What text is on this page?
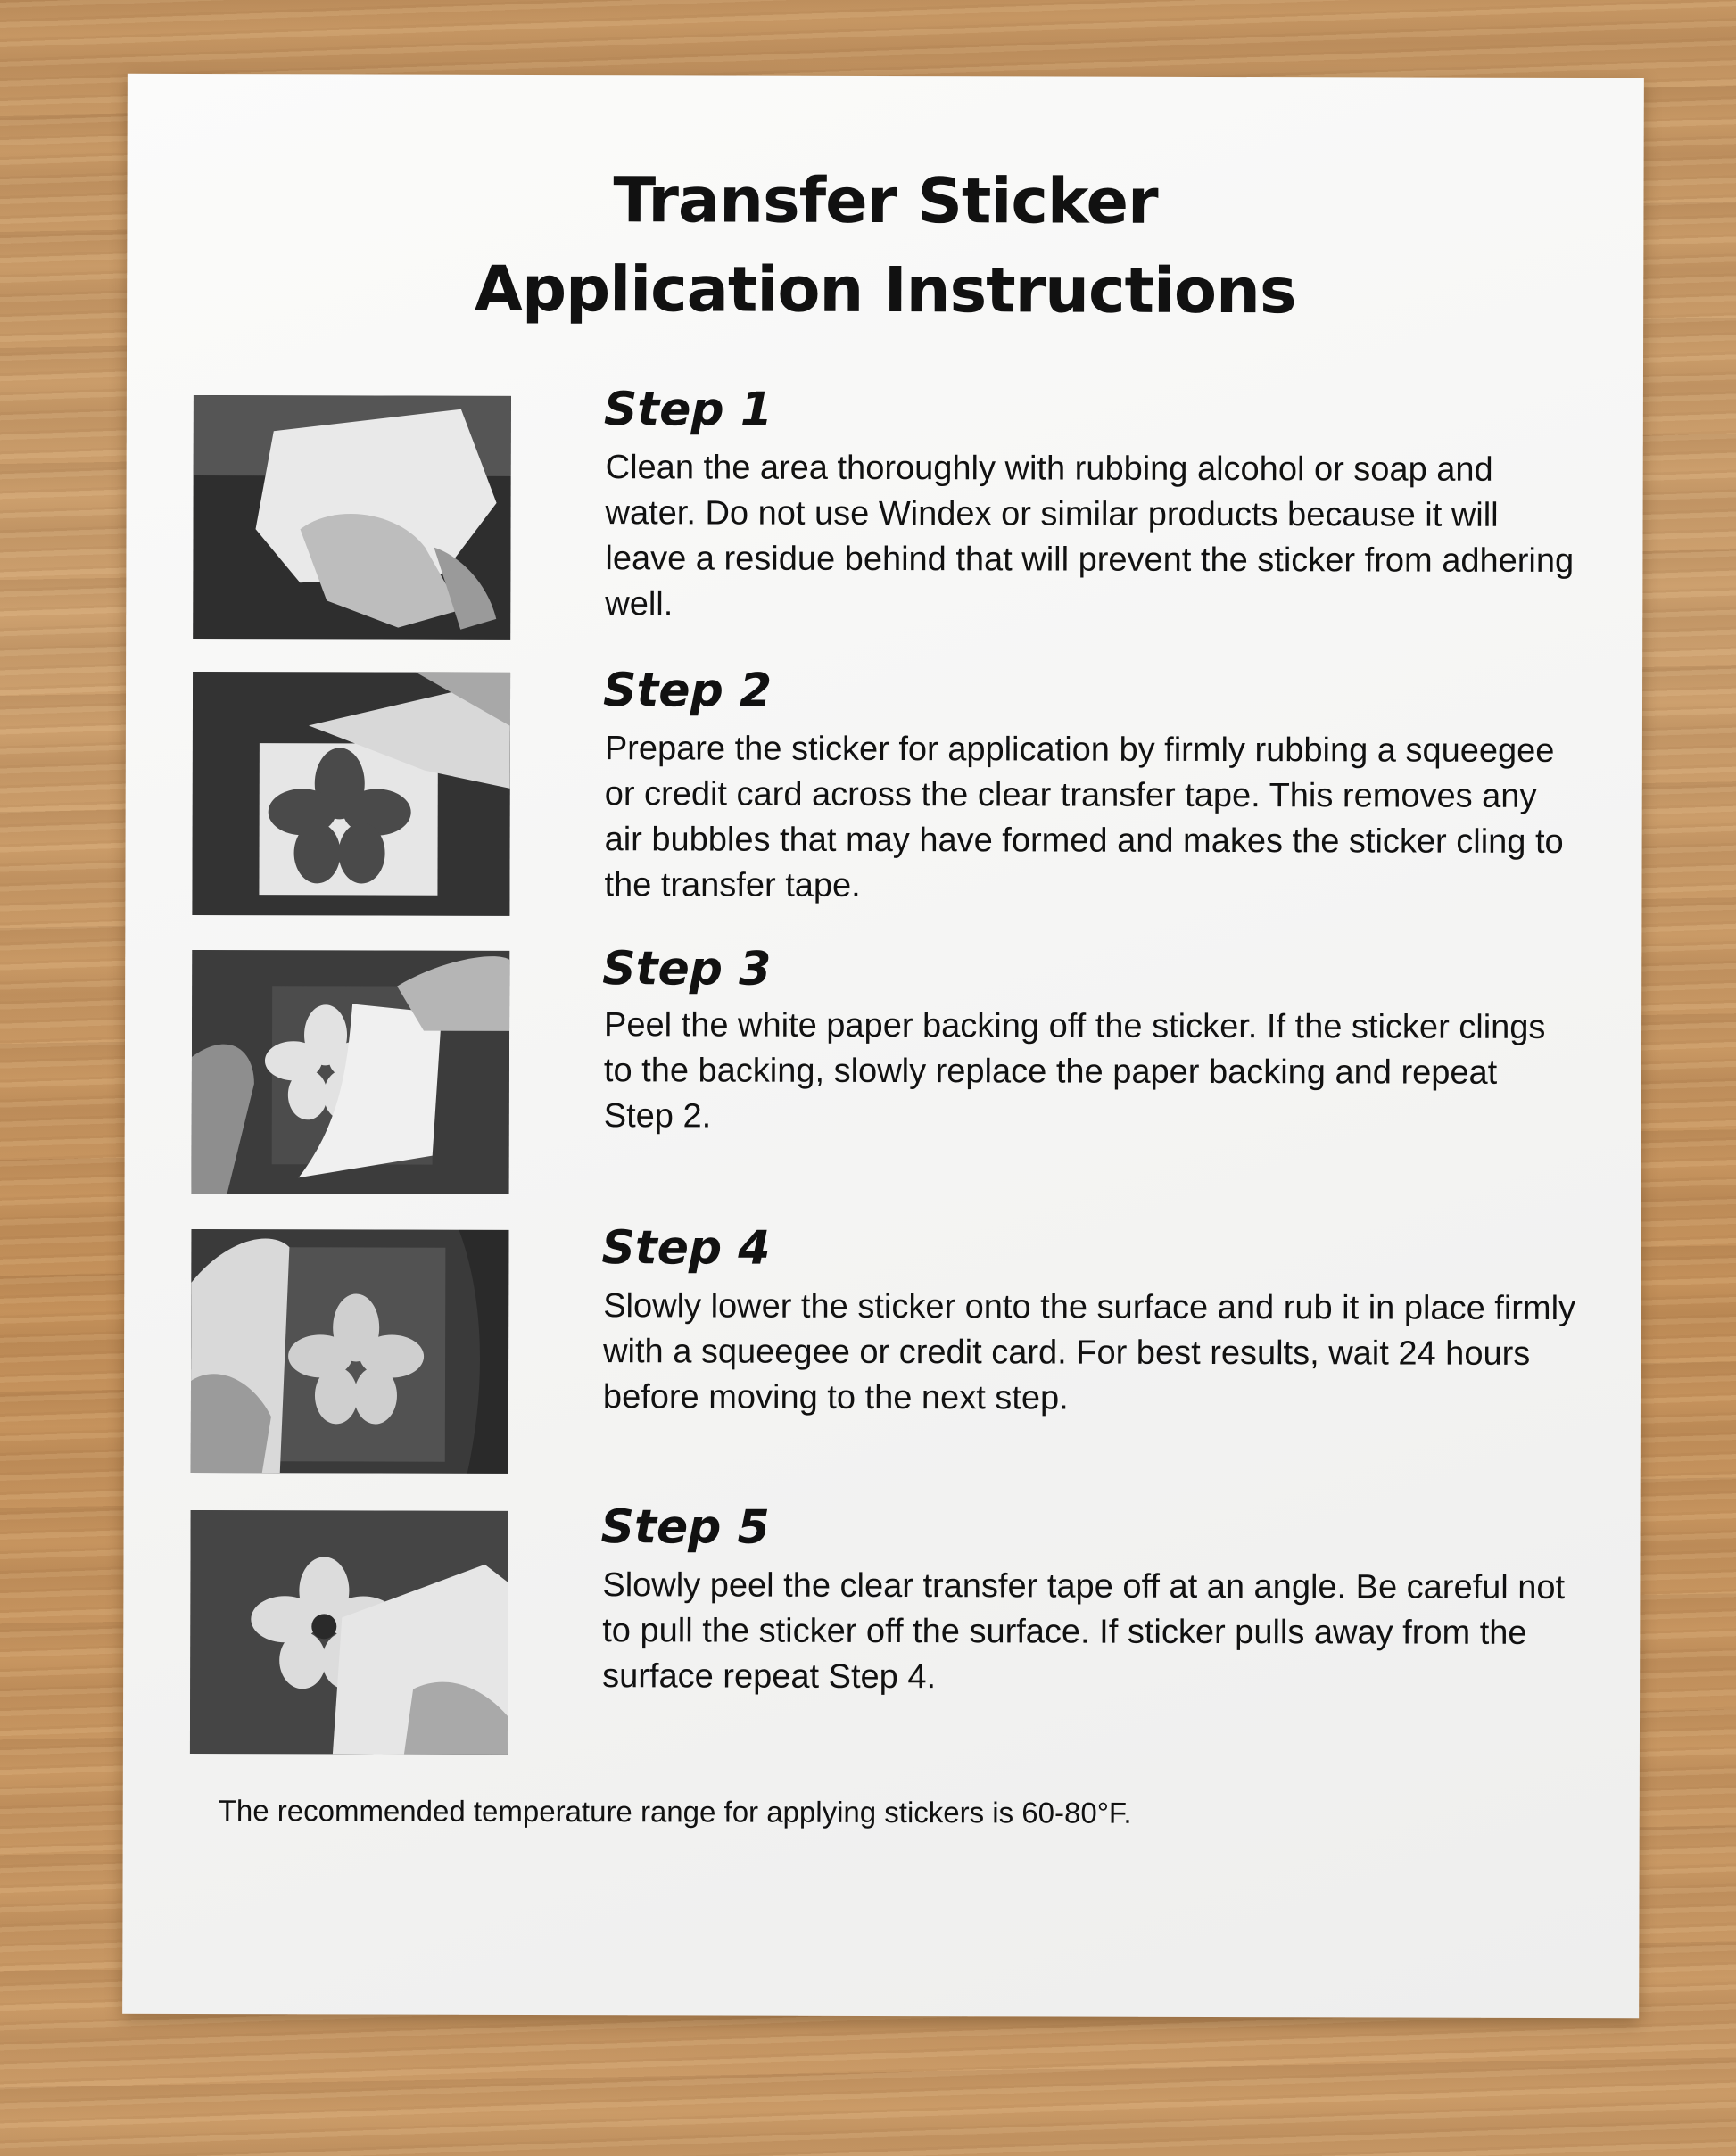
Transfer Sticker
Application Instructions
Step 1
Clean the area thoroughly with rubbing alcohol or soap and water. Do not use Windex or similar products because it will leave a residue behind that will prevent the sticker from adhering well.
Step 2
Prepare the sticker for application by firmly rubbing a squeegee or credit card across the clear transfer tape. This removes any air bubbles that may have formed and makes the sticker cling to the transfer tape.
Step 3
Peel the white paper backing off the sticker. If the sticker clings to the backing, slowly replace the paper backing and repeat Step 2.
Step 4
Slowly lower the sticker onto the surface and rub it in place firmly with a squeegee or credit card. For best results, wait 24 hours before moving to the next step.
Step 5
Slowly peel the clear transfer tape off at an angle. Be careful not to pull the sticker off the surface. If sticker pulls away from the surface repeat Step 4.
The recommended temperature range for applying stickers is 60-80°F.
